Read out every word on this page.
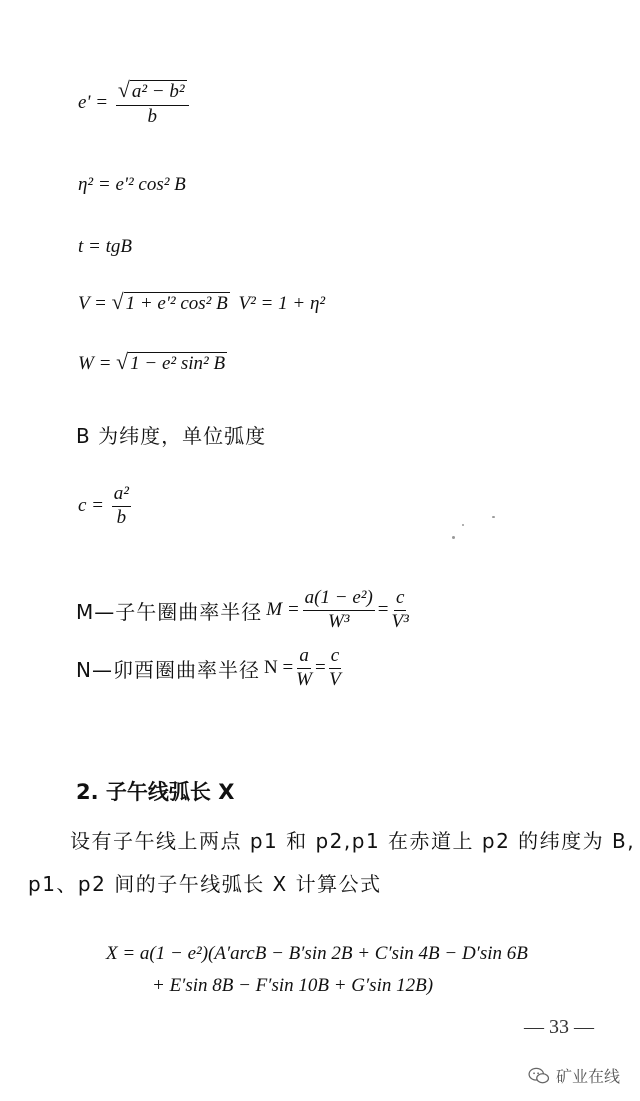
$e' = \frac{\text{√ a² − b²}}{b}$
η² = e'² cos² B
t = tgB
V = √ 1 + e'² cos² B V² = 1 + η²
W = √ 1 − e² sin² B
B 为纬度，单位弧度
$c = \frac{\text{a²}}{b}$
M—子午圈曲率半径 $M = \frac{\text{a(1 − e²)}}{\text{W³}} = \frac{c}{\text{V³}}$
N—卯酉圈曲率半径 $N = \frac{a}{W} = \frac{c}{V}$
2. 子午线弧长 X
设有子午线上两点 p1 和 p2,p1 在赤道上 p2 的纬度为 B,
p1、p2 间的子午线弧长 X 计算公式
X = a(1 − e²)(A′arcB − B′sin 2B + C′sin 4B − D′sin 6B
+ E′sin 8B − F′sin 10B + G′sin 12B)
— 33 —
矿业在线
